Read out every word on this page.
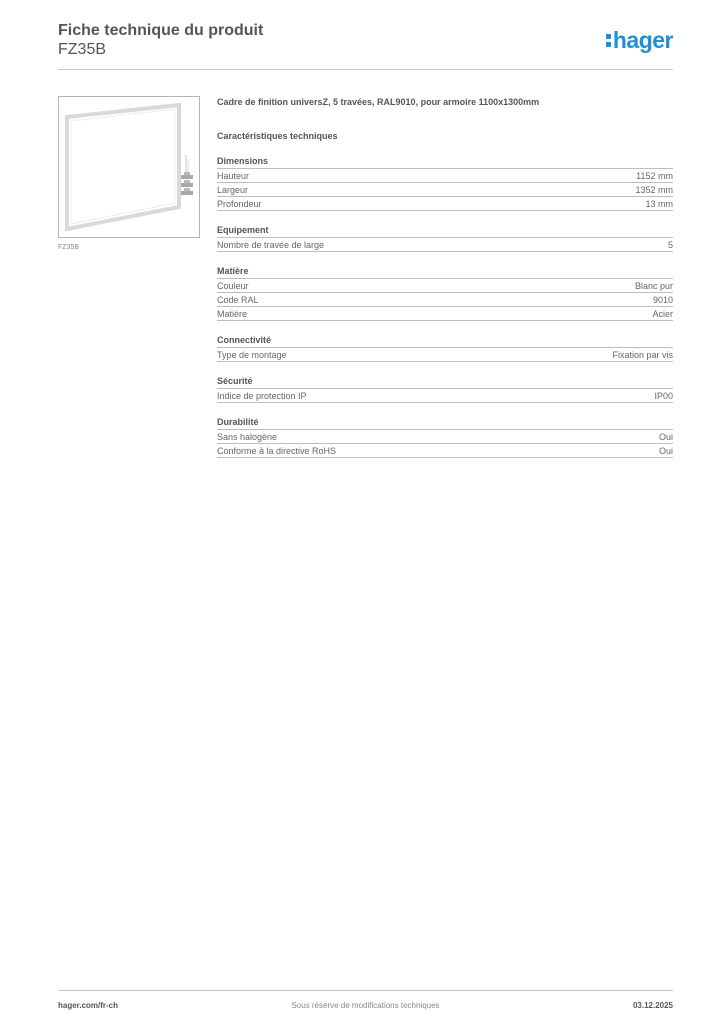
Fiche technique du produit
FZ35B	hager
FZ35B
Cadre de finition universZ, 5 travées, RAL9010, pour armoire 1100x1300mm
Caractéristiques techniques
Dimensions
Hauteur	1152 mm
Largeur	1352 mm
Profondeur	13 mm
Equipement
Nombre de travée de large	5
Matière
Couleur	Blanc pur
Code RAL	9010
Matière	Acier
Connectivité
Type de montage	Fixation par vis
Sécurité
Indice de protection IP	IP00
Durabilité
Sans halogène	Oui
Conforme à la directive RoHS	Oui
hager.com/fr-ch	Sous réserve de modifications techniques	03.12.2025
